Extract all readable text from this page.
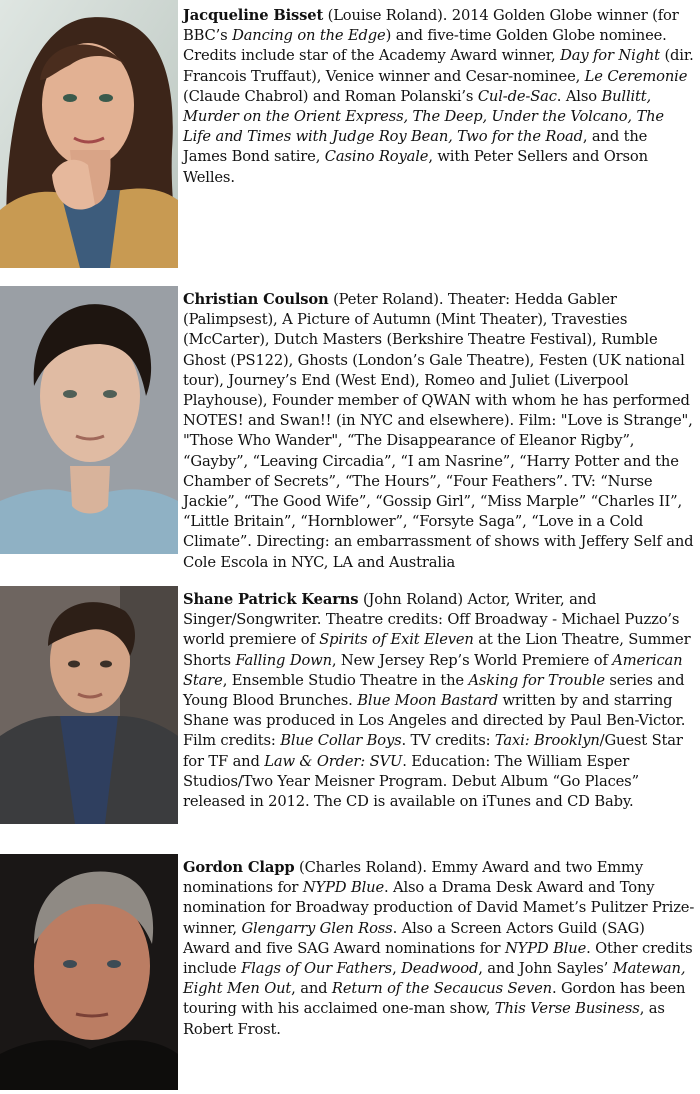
Jacqueline Bisset (Louise Roland). 2014 Golden Globe winner (for BBC’s Dancing on the Edge) and five-time Golden Globe nominee. Credits include star of the Academy Award winner, Day for Night (dir. Francois Truffaut), Venice winner and Cesar-nominee, Le Ceremonie (Claude Chabrol) and Roman Polanski’s Cul-de-Sac. Also Bullitt, Murder on the Orient Express, The Deep, Under the Volcano, The Life and Times with Judge Roy Bean, Two for the Road, and the James Bond satire, Casino Royale, with Peter Sellers and Orson Welles.
Christian Coulson (Peter Roland). Theater: Hedda Gabler (Palimpsest), A Picture of Autumn (Mint Theater), Travesties (McCarter), Dutch Masters (Berkshire Theatre Festival), Rumble Ghost (PS122), Ghosts (London’s Gale Theatre), Festen (UK national tour), Journey’s End (West End), Romeo and Juliet (Liverpool Playhouse), Founder member of QWAN with whom he has performed NOTES! and Swan!! (in NYC and elsewhere). Film: "Love is Strange", "Those Who Wander", “The Disappearance of Eleanor Rigby”, “Gayby”, “Leaving Circadia”, “I am Nasrine”, “Harry Potter and the Chamber of Secrets”, “The Hours”, “Four Feathers”. TV: “Nurse Jackie”, “The Good Wife”, “Gossip Girl”, “Miss Marple” “Charles II”, “Little Britain”, “Hornblower”, “Forsyte Saga”, “Love in a Cold Climate”. Directing: an embarrassment of shows with Jeffery Self and Cole Escola in NYC, LA and Australia
Shane Patrick Kearns (John Roland) Actor, Writer, and Singer/Songwriter. Theatre credits: Off Broadway - Michael Puzzo’s world premiere of Spirits of Exit Eleven at the Lion Theatre, Summer Shorts Falling Down, New Jersey Rep’s World Premiere of American Stare, Ensemble Studio Theatre in the Asking for Trouble series and Young Blood Brunches. Blue Moon Bastard written by and starring Shane was produced in Los Angeles and directed by Paul Ben-Victor. Film credits: Blue Collar Boys. TV credits: Taxi: Brooklyn/Guest Star for TF and Law & Order: SVU. Education: The William Esper Studios/Two Year Meisner Program. Debut Album “Go Places” released in 2012. The CD is available on iTunes and CD Baby.
Gordon Clapp (Charles Roland). Emmy Award and two Emmy nominations for NYPD Blue. Also a Drama Desk Award and Tony nomination for Broadway production of David Mamet’s Pulitzer Prize-winner, Glengarry Glen Ross. Also a Screen Actors Guild (SAG) Award and five SAG Award nominations for NYPD Blue. Other credits include Flags of Our Fathers, Deadwood, and John Sayles’ Matewan, Eight Men Out, and Return of the Secaucus Seven. Gordon has been touring with his acclaimed one-man show, This Verse Business, as Robert Frost.
